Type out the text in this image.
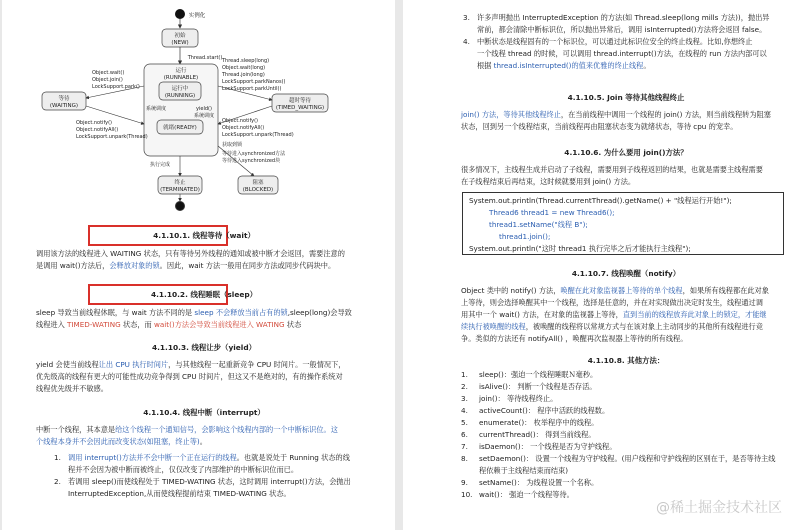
实例化
初始
(NEW)
Thread.start()
运行
(RUNNABLE)
运行中
(RUNNING)
系统调度	yield()
系统调度
就绪(READY)
等待
(WAITING)
超时等待
(TIMED_WAITING)
Object.wait()
Object.join()
LockSupport.park()
Object.notify()
Object.notifyAll()
LockSupport.unpark(Thread)
Thread.sleep(long)
Object.wait(long)
Thread.join(long)
LockSupport.parkNanos()
LockSupport.parkUntil()
Object.notify()
Object.notifyAll()
LockSupport.unpark(Thread)
获取到锁
等待进入synchronized方法
等待进入synchronized块
执行完成
终止
(TERMINATED)
阻塞
(BLOCKED)
4.1.10.1. 线程等待（wait）
调用该方法的线程进入 WAITING 状态，只有等待另外线程的通知或被中断才会返回，需要注意的
是调用 wait()方法后，会释放对象的锁。因此，wait 方法一般用在同步方法或同步代码块中。
4.1.10.2. 线程睡眠（sleep）
sleep 导致当前线程休眠，与 wait 方法不同的是 sleep 不会释放当前占有的锁,sleep(long)会导致
线程进入 TIMED-WATING 状态，而 wait()方法会导致当前线程进入 WATING 状态
4.1.10.3. 线程让步（yield）
yield 会使当前线程让出 CPU 执行时间片，与其他线程一起重新竞争 CPU 时间片。一般情况下，
优先级高的线程有更大的可能性成功竞争得到 CPU 时间片，但这又不是绝对的，有的操作系统对
线程优先级并不敏感。
4.1.10.4. 线程中断（interrupt）
中断一个线程，其本意是给这个线程一个通知信号，会影响这个线程内部的一个中断标识位。这
个线程本身并不会因此而改变状态(如阻塞，终止等)。
1. 调用 interrupt()方法并不会中断一个正在运行的线程。也就是说处于 Running 状态的线
程并不会因为被中断而被终止，仅仅改变了内部维护的中断标识位而已。
2. 若调用 sleep()而使线程处于 TIMED-WATING 状态，这时调用 interrupt()方法，会抛出
InterruptedException,从而使线程提前结束 TIMED-WATING 状态。
3. 许多声明抛出 InterruptedException 的方法(如 Thread.sleep(long mills 方法))，抛出异
常前，都会清除中断标识位，所以抛出异常后，调用 isInterrupted()方法将会返回 false。
4. 中断状态是线程固有的一个标识位，可以通过此标识位安全的终止线程。比如,你想终止
一个线程 thread 的时候，可以调用 thread.interrupt()方法，在线程的 run 方法内部可以
根据 thread.isInterrupted()的值来优雅的终止线程。
4.1.10.5. Join 等待其他线程终止
join() 方法，等待其他线程终止，在当前线程中调用一个线程的 join() 方法，则当前线程转为阻塞
状态，回到另一个线程结束，当前线程再由阻塞状态变为就绪状态，等待 cpu 的宠幸。
4.1.10.6. 为什么要用 join()方法？
很多情况下，主线程生成并启动了子线程，需要用到子线程返回的结果，也就是需要主线程需要
在子线程结束后再结束，这时候就要用到 join() 方法。
System.out.println(Thread.currentThread().getName() + "线程运行开始!");
Thread6 thread1 = new Thread6();
thread1.setName("线程 B");
thread1.join();
System.out.println("这时 thread1 执行完毕之后才能执行主线程");
4.1.10.7. 线程唤醒（notify）
Object 类中的 notify() 方法，唤醒在此对象监视器上等待的单个线程，如果所有线程都在此对象
上等待，则会选择唤醒其中一个线程，选择是任意的，并在对实现做出决定时发生，线程通过调
用其中一个 wait() 方法，在对象的监视器上等待，直到当前的线程放弃此对象上的锁定，才能继
续执行被唤醒的线程，被唤醒的线程将以常规方式与在该对象上主动同步的其他所有线程进行竞
争。类似的方法还有 notifyAll() ，唤醒再次监视器上等待的所有线程。
4.1.10.8. 其他方法：
1.	sleep()：强迫一个线程睡眠Ｎ毫秒。
2.	isAlive()： 判断一个线程是否存活。
3.	join()： 等待线程终止。
4.	activeCount()： 程序中活跃的线程数。
5.	enumerate()： 枚举程序中的线程。
6.	currentThread()： 得到当前线程。
7.	isDaemon()： 一个线程是否为守护线程。
8.	setDaemon()： 设置一个线程为守护线程。(用户线程和守护线程的区别在于，是否等待主线
程依赖于主线程结束而结束)
9.	setName()： 为线程设置一个名称。
10. wait()： 强迫一个线程等待。
@稀土掘金技术社区
